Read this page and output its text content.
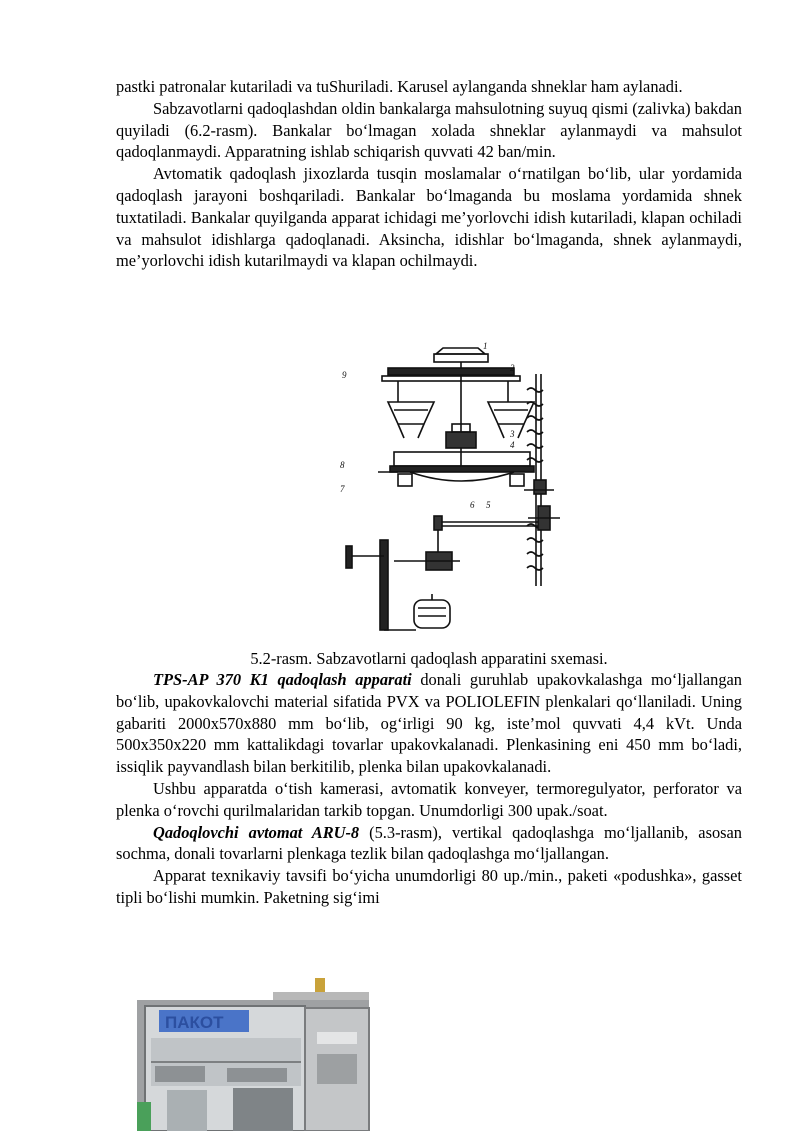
pastki patronalar kutariladi va tuShuriladi. Karusel aylanganda shneklar ham aylanadi.

Sabzavotlarni qadoqlashdan oldin bankalarga mahsulotning suyuq qismi (zalivka) bakdan quyiladi (6.2-rasm). Bankalar bo‘lmagan xolada shneklar aylanmaydi va mahsulot qadoqlanmaydi. Apparatning ishlab schiqarish quvvati 42 ban/min.

Avtomatik qadoqlash jixozlarda tusqin moslamalar o‘rnatilgan bo‘lib, ular yordamida qadoqlash jarayoni boshqariladi. Bankalar bo‘lmaganda bu moslama yordamida shnek tuxtatiladi. Bankalar quyilganda apparat ichidagi me’yorlovchi idish kutariladi, klapan ochiladi va mahsulot idishlarga qadoqlanadi. Aksincha, idishlar bo‘lmaganda, shnek aylanmaydi, me’yorlovchi idish kutarilmaydi va klapan ochilmaydi.

1
2
3
4
5
6
7
8
9

5.2-rasm. Sabzavotlarni qadoqlash apparatini sxemasi.

TPS-AP 370 K1 qadoqlash apparati donali guruhlab upakovkalashga mo‘ljallangan bo‘lib, upakovkalovchi material sifatida PVX va POLIOLEFIN plenkalari qo‘llaniladi. Uning gabariti 2000x570x880 mm bo‘lib, og‘irligi 90 kg, iste’mol quvvati 4,4 kVt. Unda 500x350x220 mm kattalikdagi tovarlar upakovkalanadi. Plenkasining eni 450 mm bo‘ladi, issiqlik payvandlash bilan berkitilib, plenka bilan upakovkalanadi.

Ushbu apparatda o‘tish kamerasi, avtomatik konveyer, termoregulyator, perforator va plenka o‘rovchi qurilmalaridan tarkib topgan. Unumdorligi 300 upak./soat.

Qadoqlovchi avtomat ARU-8 (5.3-rasm), vertikal qadoqlashga mo‘ljallanib, asosan sochma, donali tovarlarni plenkaga tezlik bilan qadoqlashga mo‘ljallangan.

Apparat texnikaviy tavsifi bo‘yicha unumdorligi 80 up./min., paketi «podushka», gasset tipli bo‘lishi mumkin. Paketning sig‘imi

ПАКОТ
